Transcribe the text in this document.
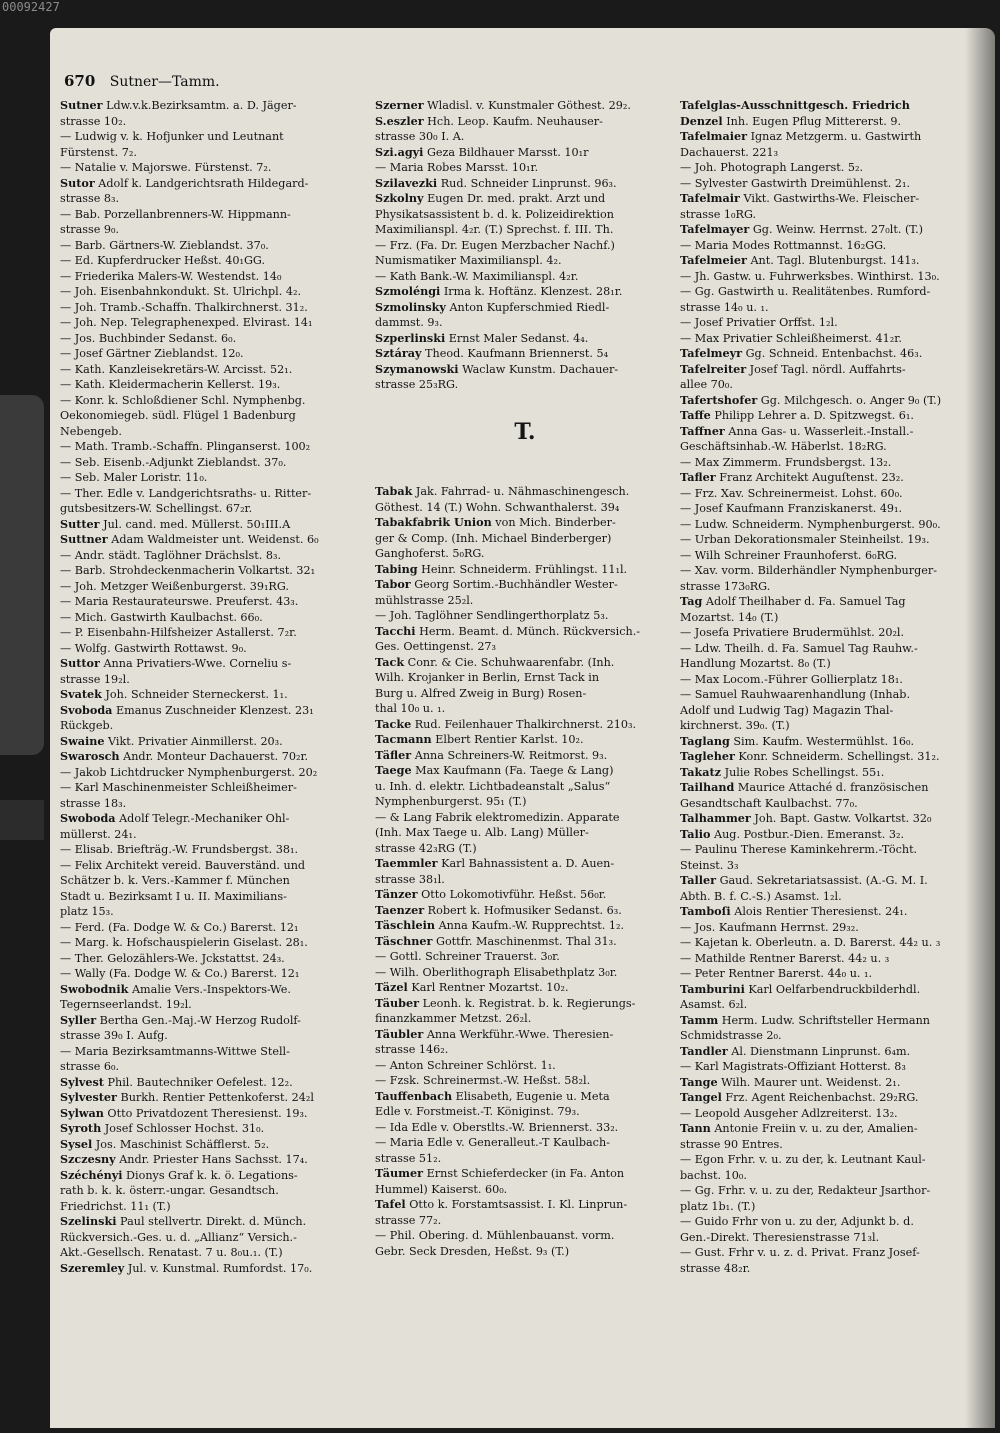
00092427
670 Sutner—Tamm.
Sutner Ldw.v.k.Bezirksamtm. a. D. Jäger-
strasse 10₂.
— Ludwig v. k. Hofjunker und Leutnant
Fürstenst. 7₂.
— Natalie v. Majorswe. Fürstenst. 7₂.
Sutor Adolf k. Landgerichtsrath Hildegard-
strasse 8₃.
— Bab. Porzellanbrenners-W. Hippmann-
strasse 9₀.
— Barb. Gärtners-W. Zieblandst. 37₀.
— Ed. Kupferdrucker Heßst. 40₁GG.
— Friederika Malers-W. Westendst. 14₀
— Joh. Eisenbahnkondukt. St. Ulrichpl. 4₂.
— Joh. Tramb.-Schaffn. Thalkirchnerst. 31₂.
— Joh. Nep. Telegraphenexped. Elvirast. 14₁
— Jos. Buchbinder Sedanst. 6₀.
— Josef Gärtner Zieblandst. 12₀.
— Kath. Kanzleisekretärs-W. Arcisst. 52₁.
— Kath. Kleidermacherin Kellerst. 19₃.
— Konr. k. Schloßdiener Schl. Nymphenbg.
Oekonomiegeb. südl. Flügel 1 Badenburg
Nebengeb.
— Math. Tramb.-Schaffn. Plinganserst. 100₂
— Seb. Eisenb.-Adjunkt Zieblandst. 37₀.
— Seb. Maler Loristr. 11₀.
— Ther. Edle v. Landgerichtsraths- u. Ritter-
gutsbesitzers-W. Schellingst. 67₂r.
Sutter Jul. cand. med. Müllerst. 50₁III.A
Suttner Adam Waldmeister unt. Weidenst. 6₀
— Andr. städt. Taglöhner Drächslst. 8₃.
— Barb. Strohdeckenmacherin Volkartst. 32₁
— Joh. Metzger Weißenburgerst. 39₁RG.
— Maria Restaurateurswe. Preuferst. 43₃.
— Mich. Gastwirth Kaulbachst. 66₀.
— P. Eisenbahn-Hilfsheizer Astallerst. 7₂r.
— Wolfg. Gastwirth Rottawst. 9₀.
Suttor Anna Privatiers-Wwe. Corneliu s-
strasse 19₂l.
Svatek Joh. Schneider Sterneckerst. 1₁.
Svoboda Emanus Zuschneider Klenzest. 23₁
Rückgeb.
Swaine Vikt. Privatier Ainmillerst. 20₃.
Swarosch Andr. Monteur Dachauerst. 70₂r.
— Jakob Lichtdrucker Nymphenburgerst. 20₂
— Karl Maschinenmeister Schleißheimer-
strasse 18₃.
Swoboda Adolf Telegr.-Mechaniker Ohl-
müllerst. 24₁.
— Elisab. Briefträg.-W. Frundsbergst. 38₁.
— Felix Architekt vereid. Bauverständ. und
Schätzer b. k. Vers.-Kammer f. München
Stadt u. Bezirksamt I u. II. Maximilians-
platz 15₃.
— Ferd. (Fa. Dodge W. & Co.) Barerst. 12₁
— Marg. k. Hofschauspielerin Giselast. 28₁.
— Ther. Gelozählers-We. Jckstattst. 24₃.
— Wally (Fa. Dodge W. & Co.) Barerst. 12₁
Swobodnik Amalie Vers.-Inspektors-We.
Tegernseerlandst. 19₂l.
Syller Bertha Gen.-Maj.-W Herzog Rudolf-
strasse 39₀ I. Aufg.
— Maria Bezirksamtmanns-Wittwe Stell-
strasse 6₀.
Sylvest Phil. Bautechniker Oefelest. 12₂.
Sylvester Burkh. Rentier Pettenkoferst. 24₂l
Sylwan Otto Privatdozent Theresienst. 19₃.
Syroth Josef Schlosser Hochst. 31₀.
Sysel Jos. Maschinist Schäfflerst. 5₂.
Szczesny Andr. Priester Hans Sachsst. 17₄.
Széchényi Dionys Graf k. k. ö. Legations-
rath b. k. k. österr.-ungar. Gesandtsch.
Friedrichst. 11₁ (T.)
Szelinski Paul stellvertr. Direkt. d. Münch.
Rückversich.-Ges. u. d. „Allianz“ Versich.-
Akt.-Gesellsch. Renatast. 7 u. 8₀u.₁. (T.)
Szeremley Jul. v. Kunstmal. Rumfordst. 17₀.
Szerner Wladisl. v. Kunstmaler Göthest. 29₂.
S.eszler Hch. Leop. Kaufm. Neuhauser-
strasse 30₀ I. A.
Szi.agyi Geza Bildhauer Marsst. 10₁r
— Maria Robes Marsst. 10₁r.
Szilavezki Rud. Schneider Linprunst. 96₃.
Szkolny Eugen Dr. med. prakt. Arzt und
Physikatsassistent b. d. k. Polizeidirektion
Maximilianspl. 4₂r. (T.) Sprechst. f. III. Th.
— Frz. (Fa. Dr. Eugen Merzbacher Nachf.)
Numismatiker Maximilianspl. 4₂.
— Kath Bank.-W. Maximilianspl. 4₂r.
Szmoléngi Irma k. Hoftänz. Klenzest. 28₁r.
Szmolinsky Anton Kupferschmied Riedl-
dammst. 9₃.
Szperlinski Ernst Maler Sedanst. 4₄.
Sztáray Theod. Kaufmann Briennerst. 5₄
Szymanowski Waclaw Kunstm. Dachauer-
strasse 25₃RG.
T.
Tabak Jak. Fahrrad- u. Nähmaschinengesch.
Göthest. 14 (T.) Wohn. Schwanthalerst. 39₄
Tabakfabrik Union von Mich. Binderber-
ger & Comp. (Inh. Michael Binderberger)
Ganghoferst. 5₀RG.
Tabing Heinr. Schneiderm. Frühlingst. 11₁l.
Tabor Georg Sortim.-Buchhändler Wester-
mühlstrasse 25₂l.
— Joh. Taglöhner Sendlingerthorplatz 5₃.
Tacchi Herm. Beamt. d. Münch. Rückversich.-
Ges. Oettingenst. 27₃
Tack Conr. & Cie. Schuhwaarenfabr. (Inh.
Wilh. Krojanker in Berlin, Ernst Tack in
Burg u. Alfred Zweig in Burg) Rosen-
thal 10₀ u. ₁.
Tacke Rud. Feilenhauer Thalkirchnerst. 210₃.
Tacmann Elbert Rentier Karlst. 10₂.
Täfler Anna Schreiners-W. Reitmorst. 9₃.
Taege Max Kaufmann (Fa. Taege & Lang)
u. Inh. d. elektr. Lichtbadeanstalt „Salus“
Nymphenburgerst. 95₁ (T.)
— & Lang Fabrik elektromedizin. Apparate
(Inh. Max Taege u. Alb. Lang) Müller-
strasse 42₃RG (T.)
Taemmler Karl Bahnassistent a. D. Auen-
strasse 38₁l.
Tänzer Otto Lokomotivführ. Heßst. 56₀r.
Taenzer Robert k. Hofmusiker Sedanst. 6₃.
Täschlein Anna Kaufm.-W. Rupprechtst. 1₂.
Täschner Gottfr. Maschinenmst. Thal 31₃.
— Gottl. Schreiner Trauerst. 3₀r.
— Wilh. Oberlithograph Elisabethplatz 3₀r.
Täzel Karl Rentner Mozartst. 10₂.
Täuber Leonh. k. Registrat. b. k. Regierungs-
finanzkammer Metzst. 26₂l.
Täubler Anna Werkführ.-Wwe. Theresien-
strasse 146₂.
— Anton Schreiner Schlörst. 1₁.
— Fzsk. Schreinermst.-W. Heßst. 58₂l.
Tauffenbach Elisabeth, Eugenie u. Meta
Edle v. Forstmeist.-T. Königinst. 79₃.
— Ida Edle v. Oberstlts.-W. Briennerst. 33₂.
— Maria Edle v. Generalleut.-T Kaulbach-
strasse 51₂.
Täumer Ernst Schieferdecker (in Fa. Anton
Hummel) Kaiserst. 60₀.
Tafel Otto k. Forstamtsassist. I. Kl. Linprun-
strasse 77₂.
— Phil. Obering. d. Mühlenbauanst. vorm.
Gebr. Seck Dresden, Heßst. 9₃ (T.)
Tafelglas-Ausschnittgesch. Friedrich
Denzel Inh. Eugen Pflug Mittererst. 9.
Tafelmaier Ignaz Metzgerm. u. Gastwirth
Dachauerst. 221₃
— Joh. Photograph Langerst. 5₂.
— Sylvester Gastwirth Dreimühlenst. 2₁.
Tafelmair Vikt. Gastwirths-We. Fleischer-
strasse 1₀RG.
Tafelmayer Gg. Weinw. Herrnst. 27₀lt. (T.)
— Maria Modes Rottmannst. 16₂GG.
Tafelmeier Ant. Tagl. Blutenburgst. 141₃.
— Jh. Gastw. u. Fuhrwerksbes. Winthirst. 13₀.
— Gg. Gastwirth u. Realitätenbes. Rumford-
strasse 14₀ u. ₁.
— Josef Privatier Orffst. 1₂l.
— Max Privatier Schleißheimerst. 41₂r.
Tafelmeyr Gg. Schneid. Entenbachst. 46₃.
Tafelreiter Josef Tagl. nördl. Auffahrts-
allee 70₀.
Tafertshofer Gg. Milchgesch. o. Anger 9₀ (T.)
Taffe Philipp Lehrer a. D. Spitzwegst. 6₁.
Taffner Anna Gas- u. Wasserleit.-Install.-
Geschäftsinhab.-W. Häberlst. 18₂RG.
— Max Zimmerm. Frundsbergst. 13₂.
Tafler Franz Architekt Auguſtenst. 23₂.
— Frz. Xav. Schreinermeist. Lohst. 60₀.
— Josef Kaufmann Franziskanerst. 49₁.
— Ludw. Schneiderm. Nymphenburgerst. 90₀.
— Urban Dekorationsmaler Steinheilst. 19₃.
— Wilh Schreiner Fraunhoferst. 6₀RG.
— Xav. vorm. Bilderhändler Nymphenburger-
strasse 173₀RG.
Tag Adolf Theilhaber d. Fa. Samuel Tag
Mozartst. 14₀ (T.)
— Josefa Privatiere Brudermühlst. 20₂l.
— Ldw. Theilh. d. Fa. Samuel Tag Rauhw.-
Handlung Mozartst. 8₀ (T.)
— Max Locom.-Führer Gollierplatz 18₁.
— Samuel Rauhwaarenhandlung (Inhab.
Adolf und Ludwig Tag) Magazin Thal-
kirchnerst. 39₀. (T.)
Taglang Sim. Kaufm. Westermühlst. 16₀.
Tagleher Konr. Schneiderm. Schellingst. 31₂.
Takatz Julie Robes Schellingst. 55₁.
Tailhand Maurice Attaché d. französischen
Gesandtschaft Kaulbachst. 77₀.
Talhammer Joh. Bapt. Gastw. Volkartst. 32₀
Talio Aug. Postbur.-Dien. Emeranst. 3₂.
— Paulinu Therese Kaminkehrerm.-Töcht.
Steinst. 3₃
Taller Gaud. Sekretariatsassist. (A.-G. M. I.
Abth. B. f. C.-S.) Asamst. 1₂l.
Tamboſi Alois Rentier Theresienst. 24₁.
— Jos. Kaufmann Herrnst. 29₃₂.
— Kajetan k. Oberleutn. a. D. Barerst. 44₂ u. ₃
— Mathilde Rentner Barerst. 44₂ u. ₃
— Peter Rentner Barerst. 44₀ u. ₁.
Tamburini Karl Oelfarbendruckbilderhdl.
Asamst. 6₂l.
Tamm Herm. Ludw. Schriftsteller Hermann
Schmidstrasse 2₀.
Tandler Al. Dienstmann Linprunst. 6₄m.
— Karl Magistrats-Offiziant Hotterst. 8₃
Tange Wilh. Maurer unt. Weidenst. 2₁.
Tangel Frz. Agent Reichenbachst. 29₂RG.
— Leopold Ausgeher Adlzreiterst. 13₂.
Tann Antonie Freiin v. u. zu der, Amalien-
strasse 90 Entres.
— Egon Frhr. v. u. zu der, k. Leutnant Kaul-
bachst. 10₀.
— Gg. Frhr. v. u. zu der, Redakteur Jsarthor-
platz 1b₁. (T.)
— Guido Frhr von u. zu der, Adjunkt b. d.
Gen.-Direkt. Theresienstrasse 71₃l.
— Gust. Frhr v. u. z. d. Privat. Franz Josef-
strasse 48₂r.
